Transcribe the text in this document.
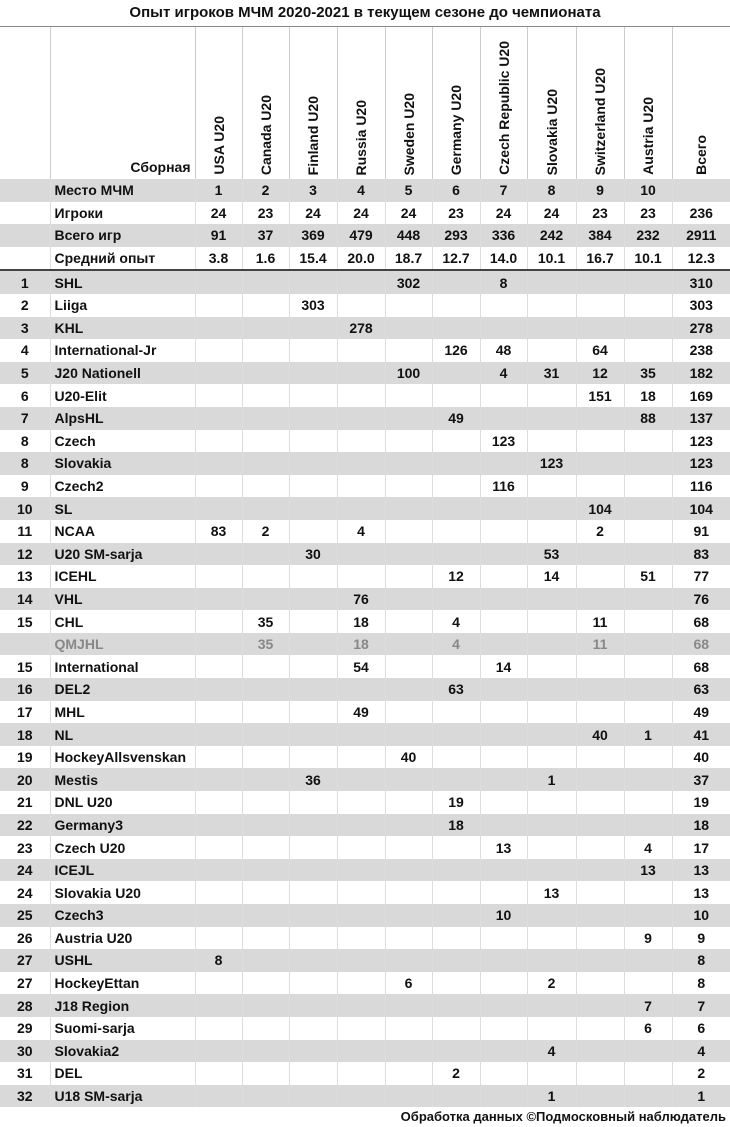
Опыт игроков МЧМ 2020-2021 в текущем сезоне до чемпионата
	Сборная	USA U20	Canada U20	Finland U20	Russia U20	Sweden U20	Germany U20	Czech Republic U20	Slovakia U20	Switzerland U20	Austria U20	Всего

	Место МЧМ	1	2	3	4	5	6	7	8	9	10	
	Игроки	24	23	24	24	24	23	24	24	23	23	236
	Всего игр	91	37	369	479	448	293	336	242	384	232	2911
	Средний опыт	3.8	1.6	15.4	20.0	18.7	12.7	14.0	10.1	16.7	10.1	12.3
1	SHL					302		8				310
2	Liiga			303								303
3	KHL				278							278
4	International-Jr						126	48		64		238
5	J20 Nationell					100		4	31	12	35	182
6	U20-Elit									151	18	169
7	AlpsHL						49				88	137
8	Czech							123				123
8	Slovakia								123			123
9	Czech2							116				116
10	SL									104		104
11	NCAA	83	2		4					2		91
12	U20 SM-sarja			30					53			83
13	ICEHL						12		14		51	77
14	VHL				76							76
15	CHL		35		18		4			11		68
	QMJHL		35		18		4			11		68
15	International				54			14				68
16	DEL2						63					63
17	MHL				49							49
18	NL									40	1	41
19	HockeyAllsvenskan					40						40
20	Mestis			36					1			37
21	DNL U20						19					19
22	Germany3						18					18
23	Czech U20							13			4	17
24	ICEJL										13	13
24	Slovakia U20								13			13
25	Czech3							10				10
26	Austria U20										9	9
27	USHL	8										8
27	HockeyEttan					6			2			8
28	J18 Region										7	7
29	Suomi-sarja										6	6
30	Slovakia2								4			4
31	DEL						2					2
32	U18 SM-sarja								1			1
Обработка данных ©Подмосковный наблюдатель
